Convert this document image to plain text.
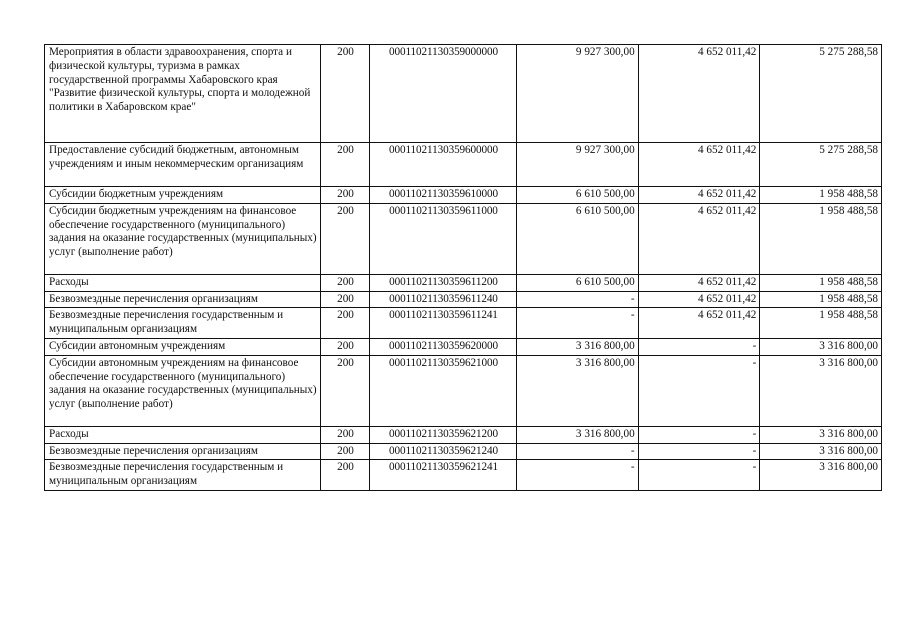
Мероприятия в области здравоохранения, спорта и физической культуры, туризма в рамках государственной программы Хабаровского края "Развитие физической культуры, спорта и молодежной политики в Хабаровском крае"	200	00011021130359000000	9 927 300,00	4 652 011,42	5 275 288,58
Предоставление субсидий бюджетным, автономным учреждениям и иным некоммерческим организациям	200	00011021130359600000	9 927 300,00	4 652 011,42	5 275 288,58
Субсидии бюджетным учреждениям	200	00011021130359610000	6 610 500,00	4 652 011,42	1 958 488,58
Субсидии бюджетным учреждениям на финансовое обеспечение государственного (муниципального) задания на оказание государственных (муниципальных) услуг (выполнение работ)	200	00011021130359611000	6 610 500,00	4 652 011,42	1 958 488,58
Расходы	200	00011021130359611200	6 610 500,00	4 652 011,42	1 958 488,58
Безвозмездные перечисления организациям	200	00011021130359611240	-	4 652 011,42	1 958 488,58
Безвозмездные перечисления государственным и муниципальным организациям	200	00011021130359611241	-	4 652 011,42	1 958 488,58
Субсидии автономным учреждениям	200	00011021130359620000	3 316 800,00	-	3 316 800,00
Субсидии автономным учреждениям на финансовое обеспечение государственного (муниципального) задания на оказание государственных (муниципальных) услуг (выполнение работ)	200	00011021130359621000	3 316 800,00	-	3 316 800,00
Расходы	200	00011021130359621200	3 316 800,00	-	3 316 800,00
Безвозмездные перечисления организациям	200	00011021130359621240	-	-	3 316 800,00
Безвозмездные перечисления государственным и муниципальным организациям	200	00011021130359621241	-	-	3 316 800,00
